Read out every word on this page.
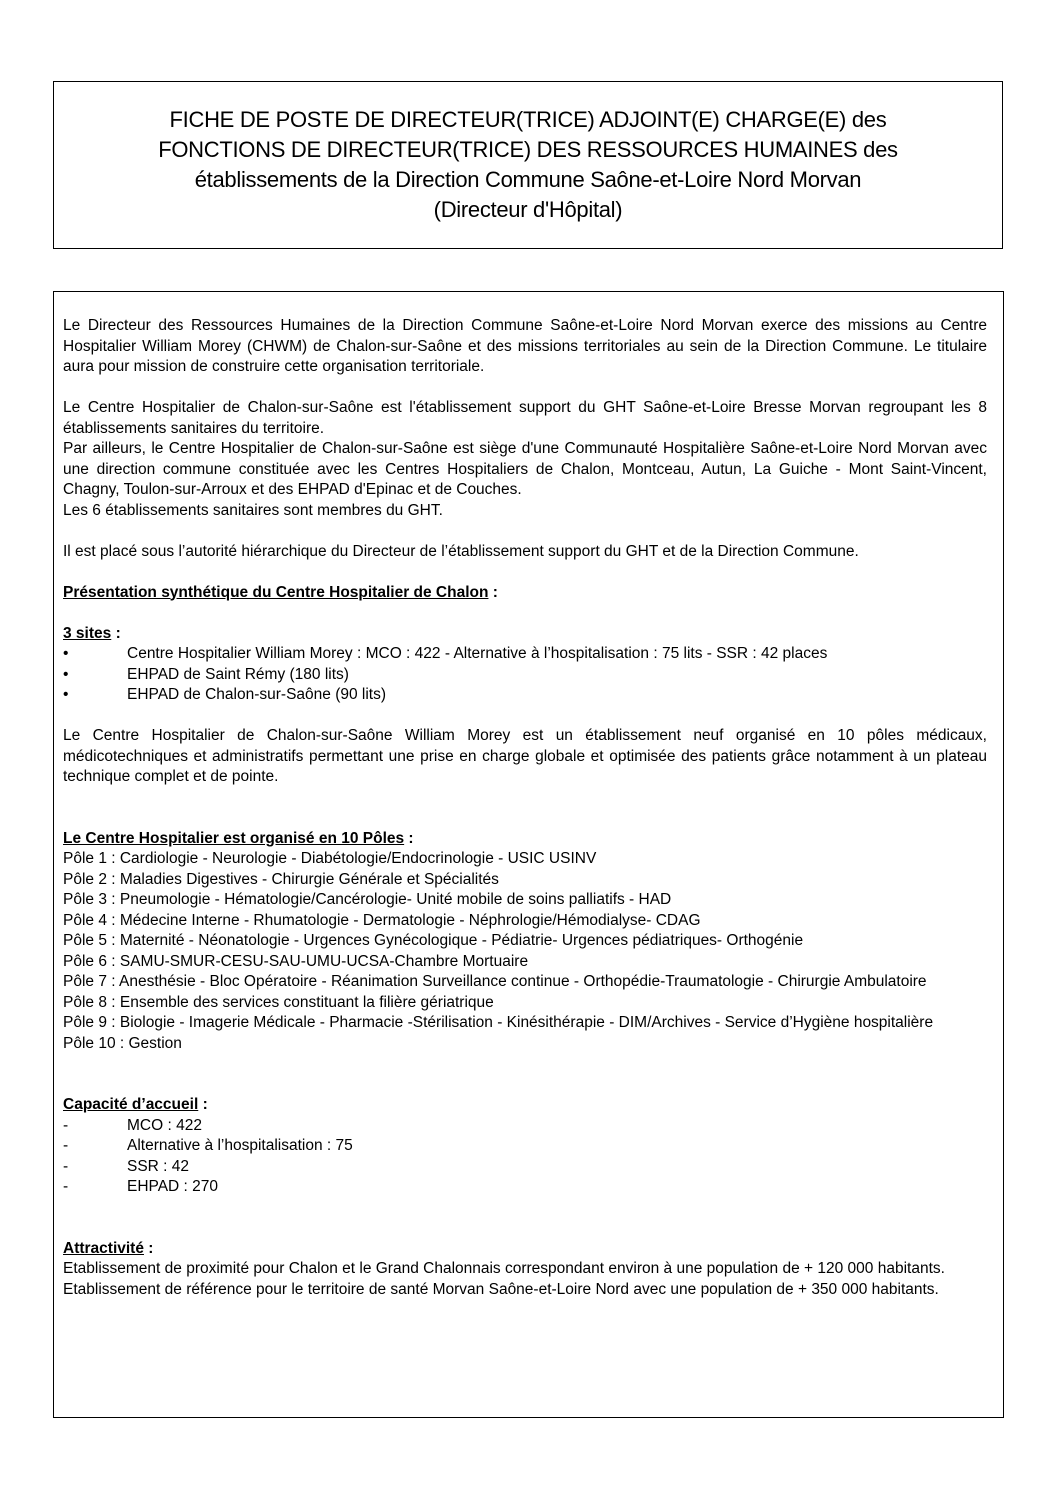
FICHE DE POSTE DE DIRECTEUR(TRICE) ADJOINT(E) CHARGE(E) des
FONCTIONS DE DIRECTEUR(TRICE) DES RESSOURCES HUMAINES des
établissements de la Direction Commune Saône-et-Loire Nord Morvan
(Directeur d'Hôpital)

Le Directeur des Ressources Humaines de la Direction Commune Saône-et-Loire Nord Morvan exerce des missions au Centre Hospitalier William Morey (CHWM) de Chalon-sur-Saône et des missions territoriales au sein de la Direction Commune. Le titulaire aura pour mission de construire cette organisation territoriale.

Le Centre Hospitalier de Chalon-sur-Saône est l'établissement support du GHT Saône-et-Loire Bresse Morvan regroupant les 8 établissements sanitaires du territoire.

Par ailleurs, le Centre Hospitalier de Chalon-sur-Saône est siège d'une Communauté Hospitalière Saône-et-Loire Nord Morvan avec une direction commune constituée avec les Centres Hospitaliers de Chalon, Montceau, Autun, La Guiche - Mont Saint-Vincent, Chagny, Toulon-sur-Arroux et des EHPAD d'Epinac et de Couches.

Les 6 établissements sanitaires sont membres du GHT.

Il est placé sous l’autorité hiérarchique du Directeur de l’établissement support du GHT et de la Direction Commune.

Présentation synthétique du Centre Hospitalier de Chalon :

3 sites :

•	Centre Hospitalier William Morey : MCO : 422 - Alternative à l’hospitalisation : 75 lits - SSR : 42 places
•	EHPAD de Saint Rémy (180 lits)
•	EHPAD de Chalon-sur-Saône (90 lits)

Le Centre Hospitalier de Chalon-sur-Saône William Morey est un établissement neuf organisé en 10 pôles médicaux, médicotechniques et administratifs permettant une prise en charge globale et optimisée des patients grâce notamment à un plateau technique complet et de pointe.

Le Centre Hospitalier est organisé en 10 Pôles :

Pôle 1 : Cardiologie - Neurologie - Diabétologie/Endocrinologie - USIC USINV

Pôle 2 : Maladies Digestives - Chirurgie Générale et Spécialités

Pôle 3 : Pneumologie - Hématologie/Cancérologie- Unité mobile de soins palliatifs - HAD

Pôle 4 : Médecine Interne - Rhumatologie - Dermatologie - Néphrologie/Hémodialyse- CDAG

Pôle 5 : Maternité - Néonatologie - Urgences Gynécologique - Pédiatrie- Urgences pédiatriques- Orthogénie

Pôle 6 : SAMU-SMUR-CESU-SAU-UMU-UCSA-Chambre Mortuaire

Pôle 7 : Anesthésie - Bloc Opératoire - Réanimation Surveillance continue - Orthopédie-Traumatologie - Chirurgie Ambulatoire

Pôle 8 : Ensemble des services constituant la filière gériatrique

Pôle 9 : Biologie - Imagerie Médicale - Pharmacie -Stérilisation - Kinésithérapie - DIM/Archives - Service d’Hygiène hospitalière

Pôle 10 : Gestion

Capacité d’accueil :

-	MCO : 422
-	Alternative à l’hospitalisation : 75
-	SSR : 42
-	EHPAD : 270

Attractivité :

Etablissement de proximité pour Chalon et le Grand Chalonnais correspondant environ à une population de + 120 000 habitants.

Etablissement de référence pour le territoire de santé Morvan Saône-et-Loire Nord avec une population de + 350 000 habitants.
